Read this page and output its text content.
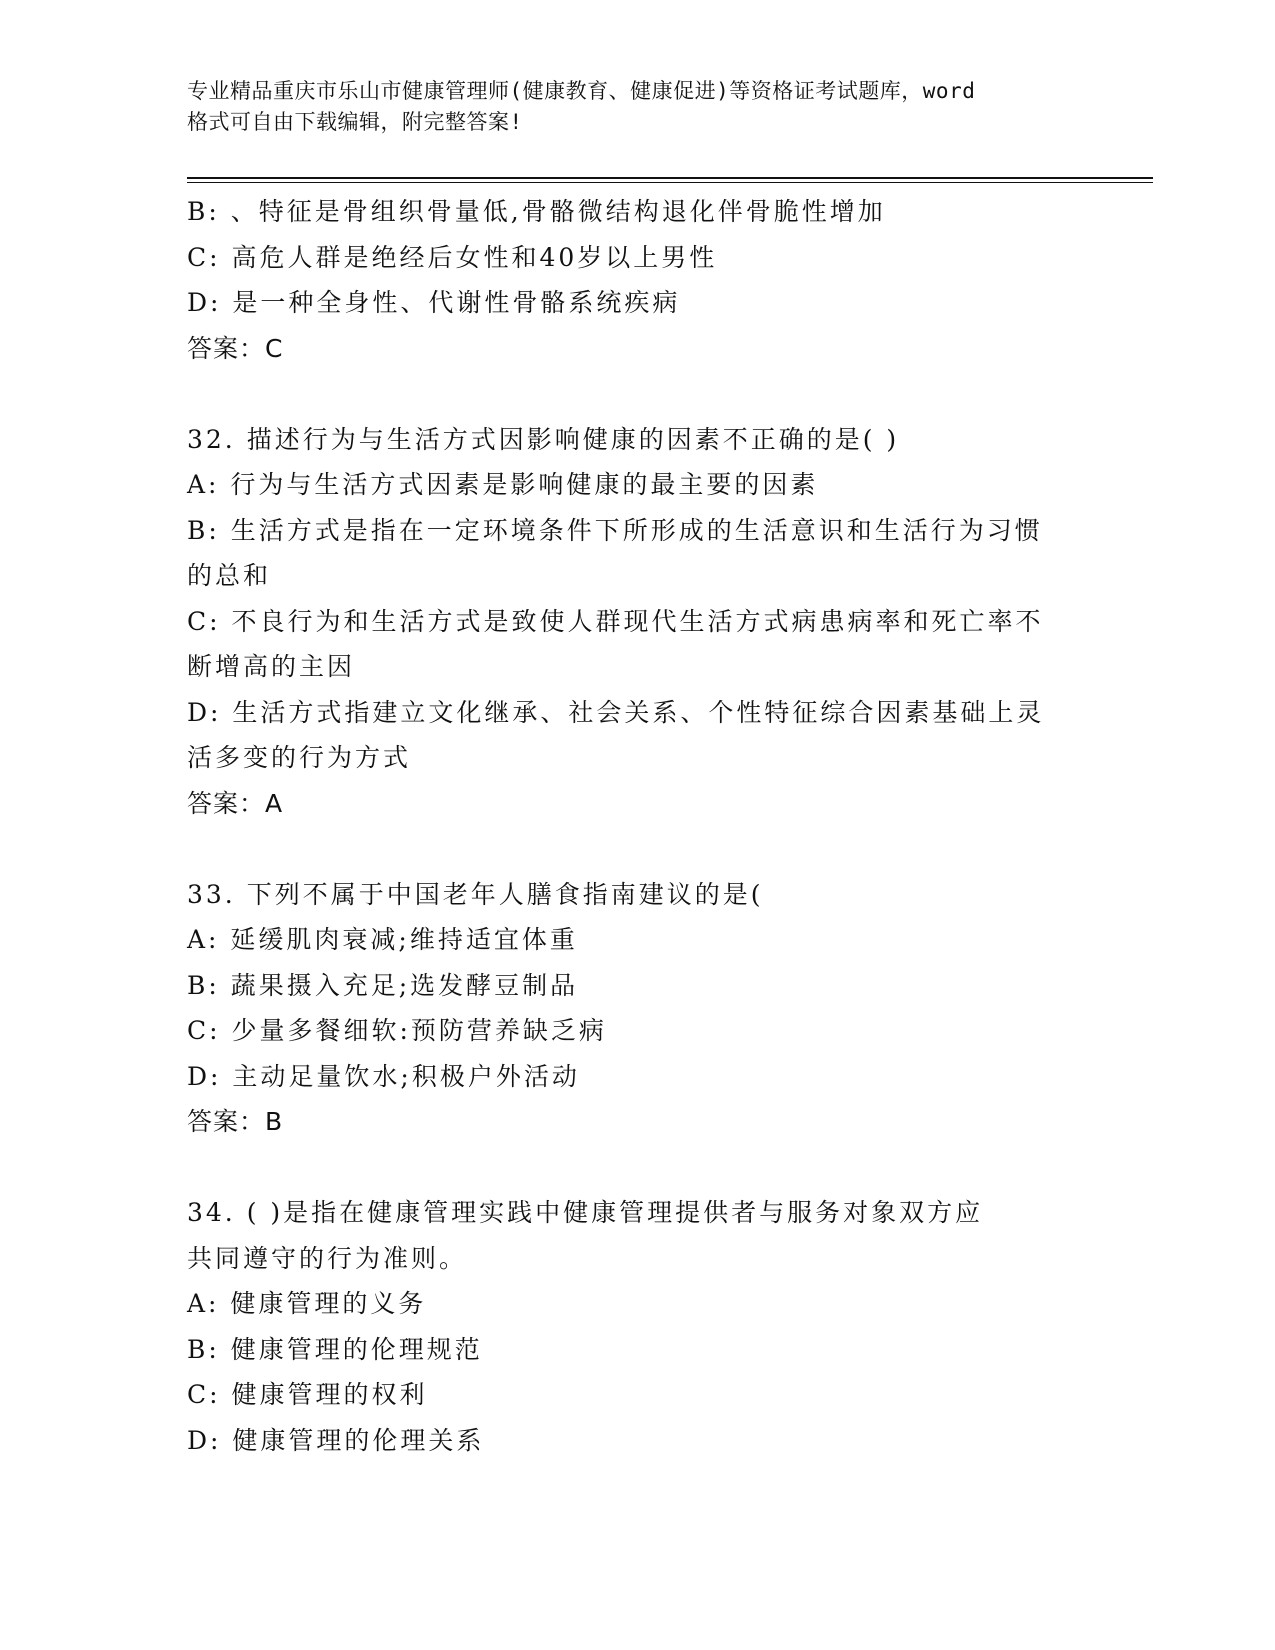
专业精品重庆市乐山市健康管理师(健康教育、健康促进)等资格证考试题库，word
格式可自由下载编辑，附完整答案!
B: 、特征是骨组织骨量低,骨骼微结构退化伴骨脆性增加
C: 高危人群是绝经后女性和40岁以上男性
D: 是一种全身性、代谢性骨骼系统疾病
答案：C
32. 描述行为与生活方式因影响健康的因素不正确的是( )
A: 行为与生活方式因素是影响健康的最主要的因素
B: 生活方式是指在一定环境条件下所形成的生活意识和生活行为习惯
的总和
C: 不良行为和生活方式是致使人群现代生活方式病患病率和死亡率不
断增高的主因
D: 生活方式指建立文化继承、社会关系、个性特征综合因素基础上灵
活多变的行为方式
答案：A
33. 下列不属于中国老年人膳食指南建议的是(
A: 延缓肌肉衰减;维持适宜体重
B: 蔬果摄入充足;选发酵豆制品
C: 少量多餐细软:预防营养缺乏病
D: 主动足量饮水;积极户外活动
答案：B
34. ( )是指在健康管理实践中健康管理提供者与服务对象双方应
共同遵守的行为准则。
A: 健康管理的义务
B: 健康管理的伦理规范
C: 健康管理的权利
D: 健康管理的伦理关系
